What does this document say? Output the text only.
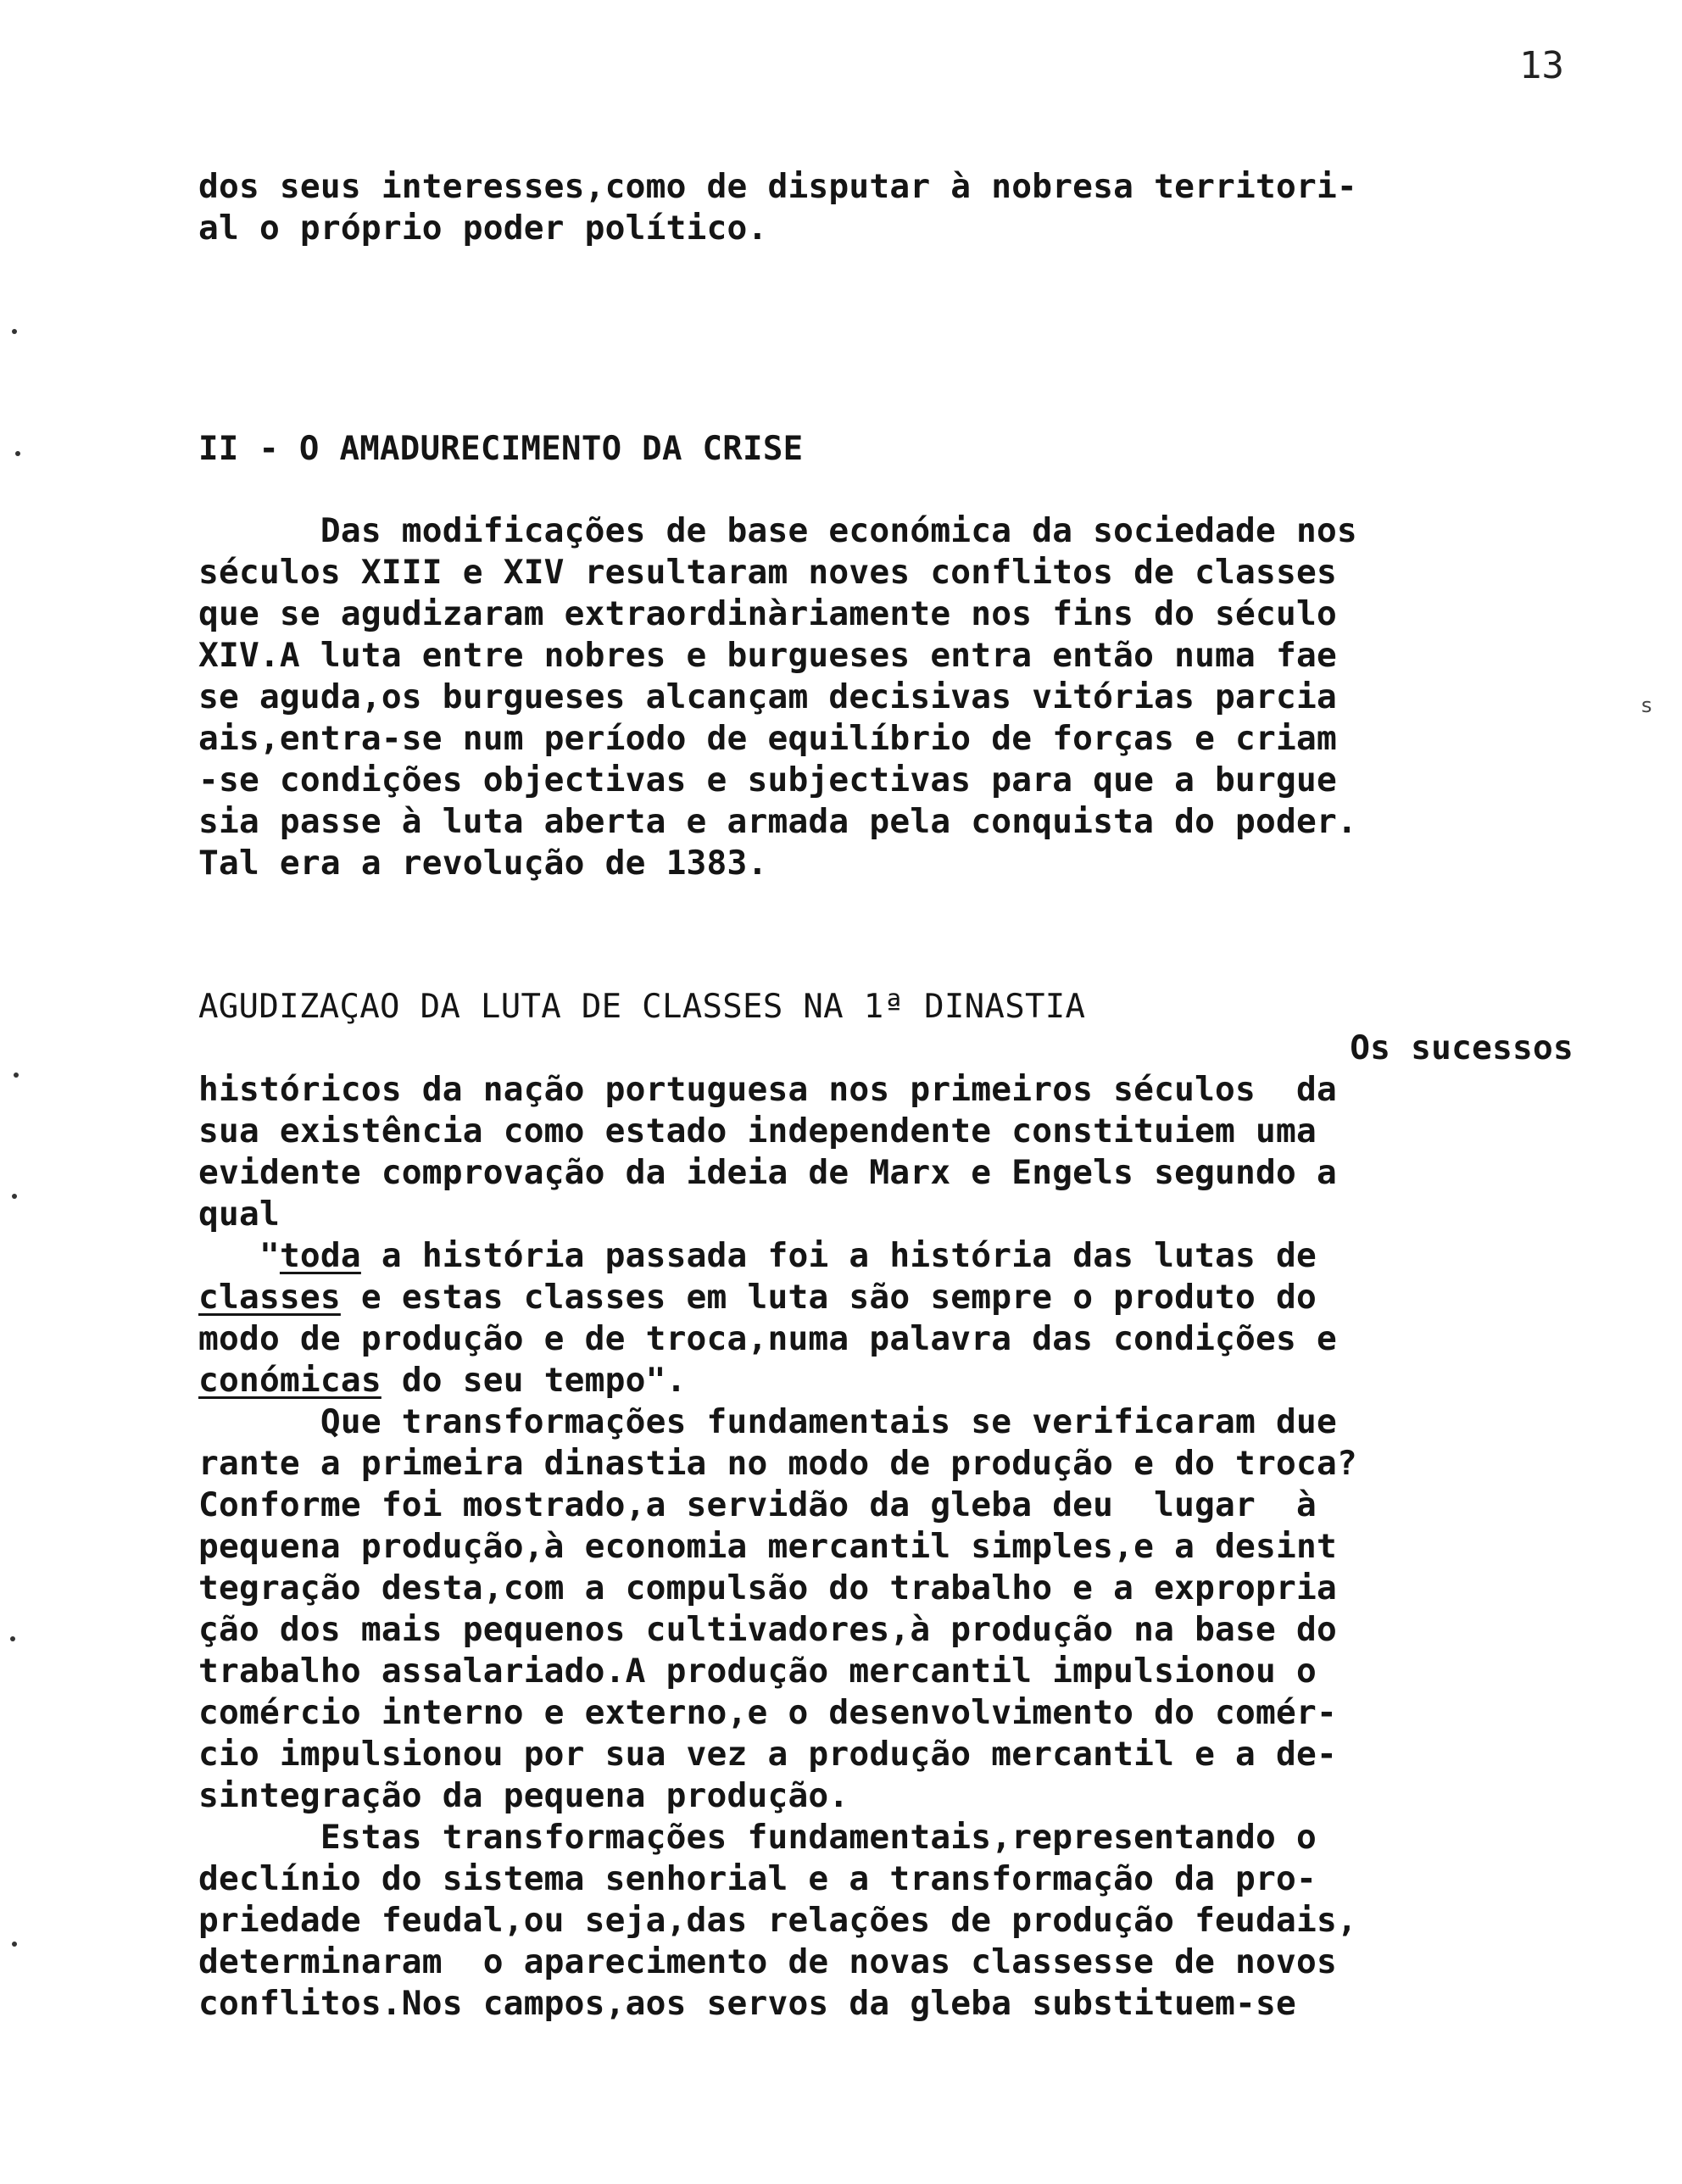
13
dos seus interesses,como de disputar à nobresa territori-
al o próprio poder político.
II - O AMADURECIMENTO DA CRISE
Das modificações de base económica da sociedade nos
séculos XIII e XIV resultaram noves conflitos de classes
que se agudizaram extraordinàriamente nos fins do século
XIV.A luta entre nobres e burgueses entra então numa fae
se aguda,os burgueses alcançam decisivas vitórias parcia
ais,entra-se num período de equilíbrio de forças e criam
-se condições objectivas e subjectivas para que a burgue
sia passe à luta aberta e armada pela conquista do poder.
Tal era a revolução de 1383.
s
AGUDIZAÇAO DA LUTA DE CLASSES NA 1ª DINASTIA
Os sucessos
históricos da nação portuguesa nos primeiros séculos  da
sua existência como estado independente constituiem uma
evidente comprovação da ideia de Marx e Engels segundo a
qual
"toda a história passada foi a história das lutas de
classes e estas classes em luta são sempre o produto do
modo de produção e de troca,numa palavra das condições e
conómicas do seu tempo".
Que transformações fundamentais se verificaram due
rante a primeira dinastia no modo de produção e do troca?
Conforme foi mostrado,a servidão da gleba deu  lugar  à
pequena produção,à economia mercantil simples,e a desint
tegração desta,com a compulsão do trabalho e a expropria
ção dos mais pequenos cultivadores,à produção na base do
trabalho assalariado.A produção mercantil impulsionou o
comércio interno e externo,e o desenvolvimento do comér-
cio impulsionou por sua vez a produção mercantil e a de-
sintegração da pequena produção.
Estas transformações fundamentais,representando o
declínio do sistema senhorial e a transformação da pro-
priedade feudal,ou seja,das relações de produção feudais,
determinaram  o aparecimento de novas classesse de novos
conflitos.Nos campos,aos servos da gleba substituem-se
